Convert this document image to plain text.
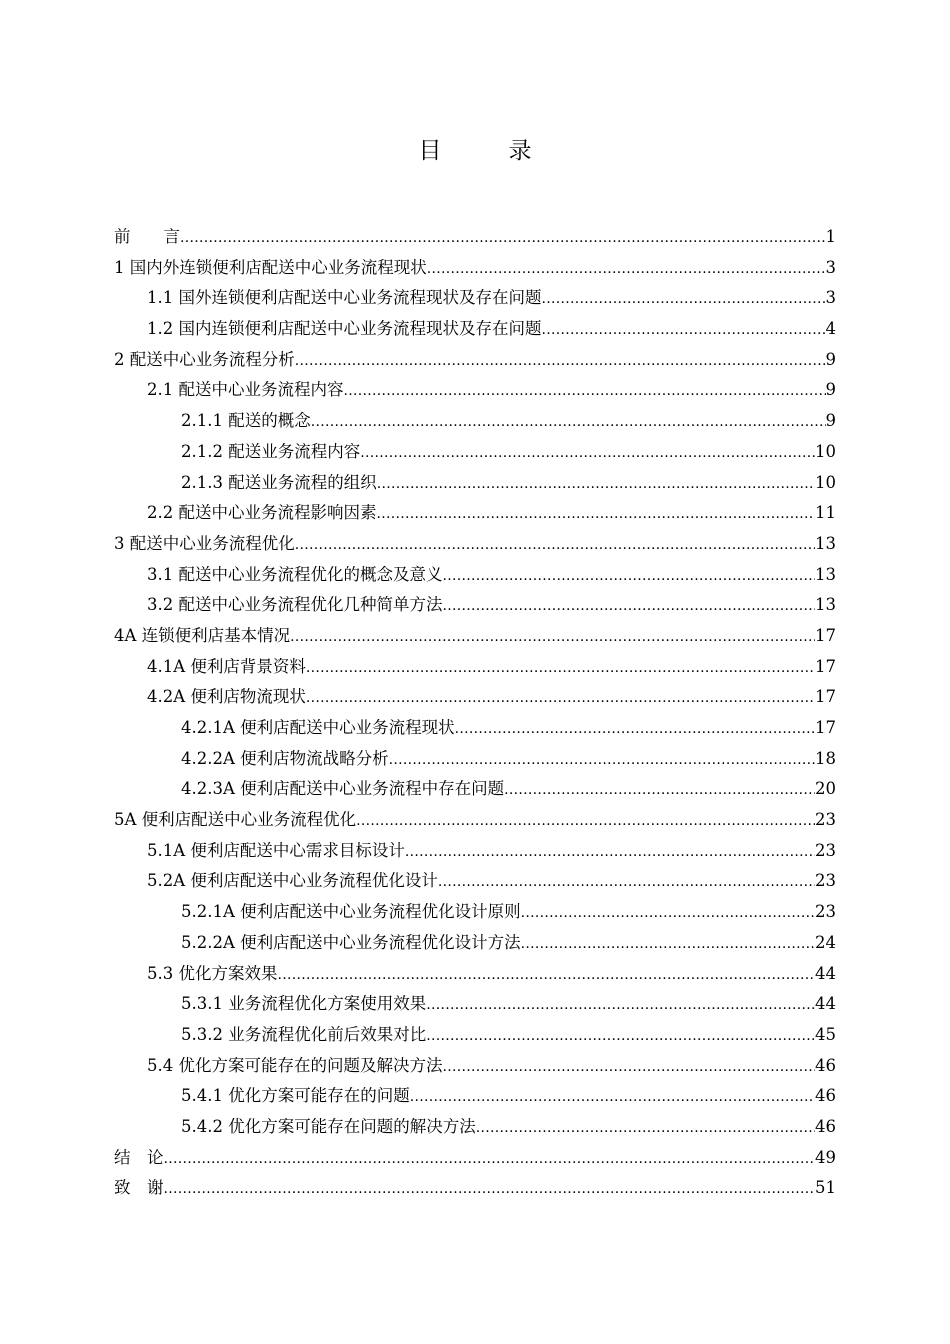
目　录
前　　言 .....	1
1 国内外连锁便利店配送中心业务流程现状 .....	3
1.1 国外连锁便利店配送中心业务流程现状及存在问题 .....	3
1.2 国内连锁便利店配送中心业务流程现状及存在问题 .....	4
2 配送中心业务流程分析 .....	9
2.1 配送中心业务流程内容 .....	9
2.1.1 配送的概念 .....	9
2.1.2 配送业务流程内容 .....	10
2.1.3 配送业务流程的组织 .....	10
2.2 配送中心业务流程影响因素 .....	11
3 配送中心业务流程优化 .....	13
3.1 配送中心业务流程优化的概念及意义 .....	13
3.2 配送中心业务流程优化几种简单方法 .....	13
4A 连锁便利店基本情况 .....	17
4.1A 便利店背景资料 .....	17
4.2A 便利店物流现状 .....	17
4.2.1A 便利店配送中心业务流程现状 .....	17
4.2.2A 便利店物流战略分析 .....	18
4.2.3A 便利店配送中心业务流程中存在问题 .....	20
5A 便利店配送中心业务流程优化 .....	23
5.1A 便利店配送中心需求目标设计 .....	23
5.2A 便利店配送中心业务流程优化设计 .....	23
5.2.1A 便利店配送中心业务流程优化设计原则 .....	23
5.2.2A 便利店配送中心业务流程优化设计方法 .....	24
5.3 优化方案效果 .....	44
5.3.1 业务流程优化方案使用效果 .....	44
5.3.2 业务流程优化前后效果对比 .....	45
5.4 优化方案可能存在的问题及解决方法 .....	46
5.4.1 优化方案可能存在的问题 .....	46
5.4.2 优化方案可能存在问题的解决方法 .....	46
结　论 .....	49
致　谢 .....	51
